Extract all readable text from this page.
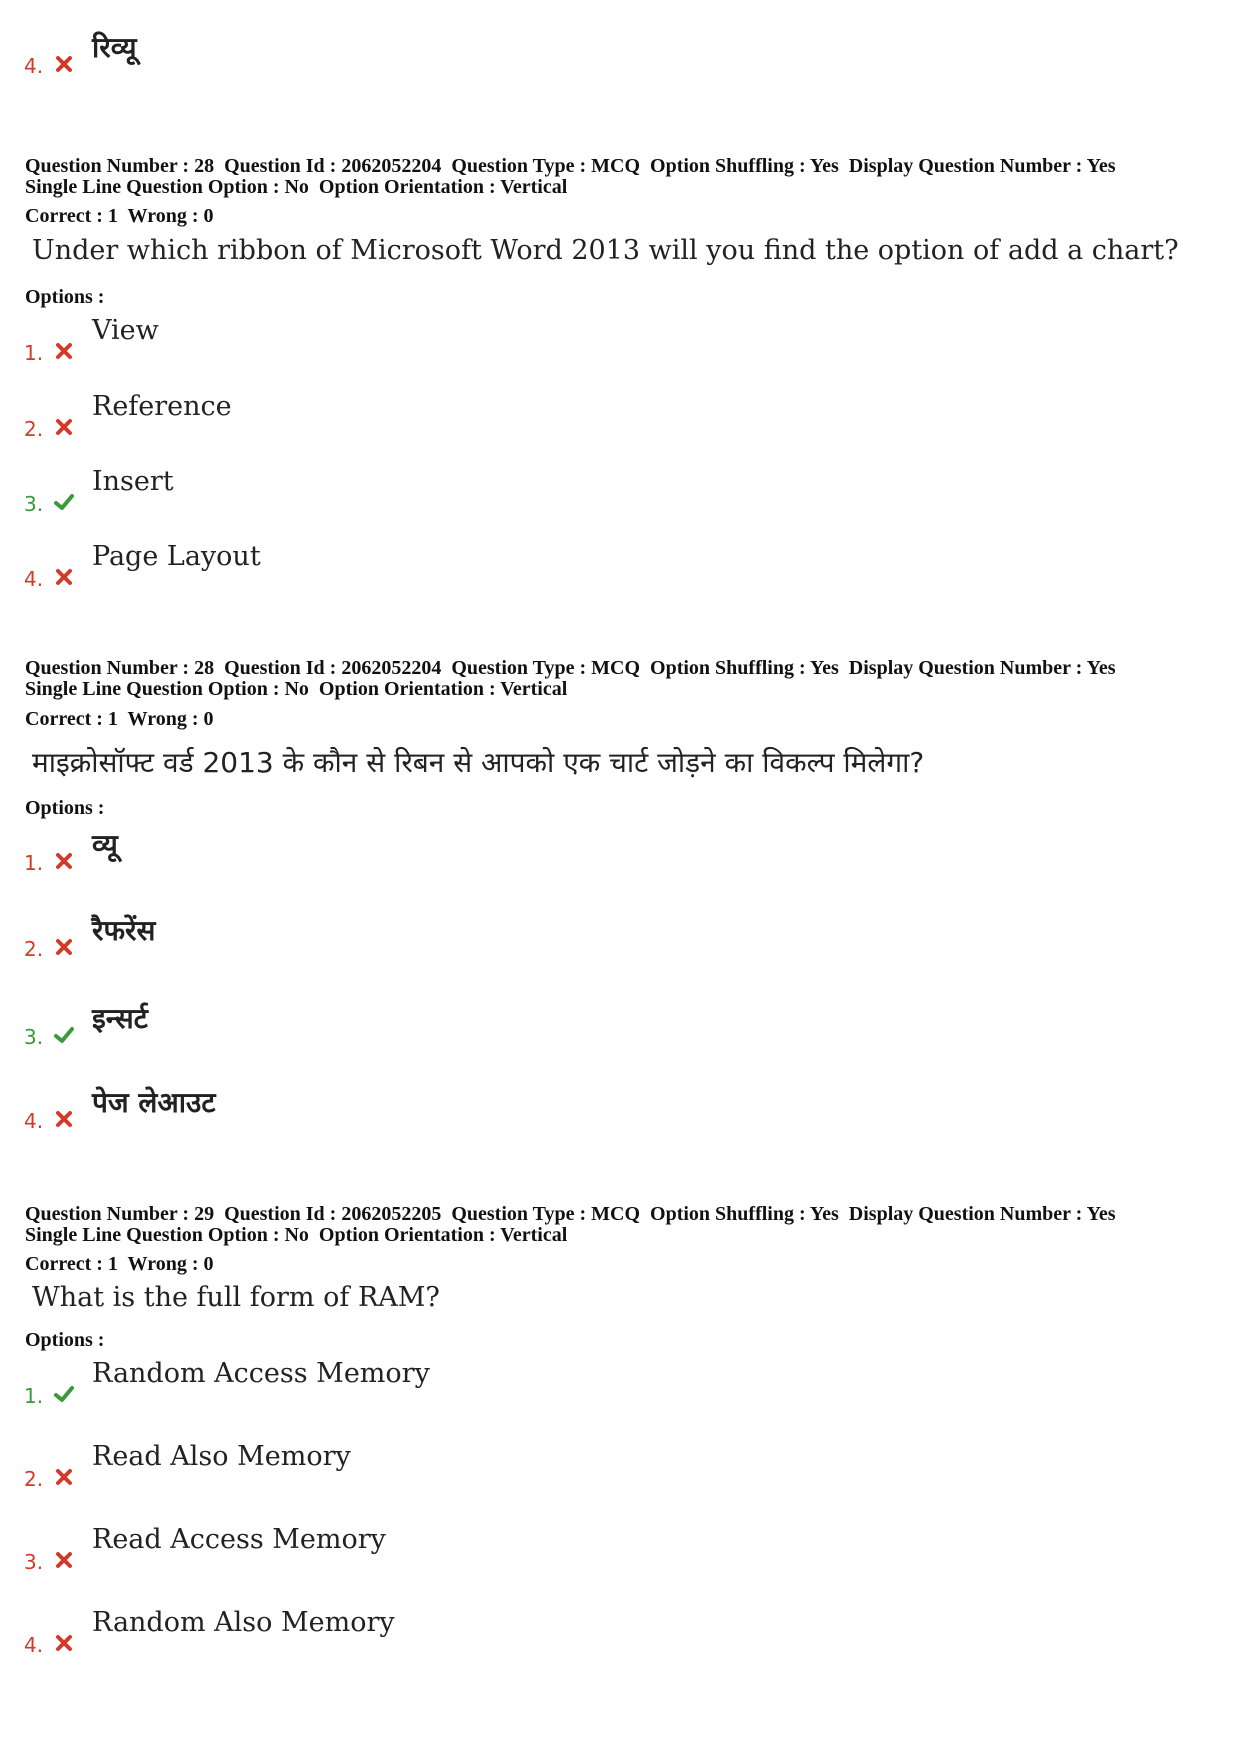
4.
रिव्यू
Question Number : 28  Question Id : 2062052204  Question Type : MCQ  Option Shuffling : Yes  Display Question Number : Yes
Single Line Question Option : No  Option Orientation : Vertical
Correct : 1  Wrong : 0
Under which ribbon of Microsoft Word 2013 will you find the option of add a chart?
Options :
1.
View
2.
Reference
3.
Insert
4.
Page Layout
Question Number : 28  Question Id : 2062052204  Question Type : MCQ  Option Shuffling : Yes  Display Question Number : Yes
Single Line Question Option : No  Option Orientation : Vertical
Correct : 1  Wrong : 0
माइक्रोसॉफ्ट वर्ड 2013 के कौन से रिबन से आपको एक चार्ट जोड़ने का विकल्प मिलेगा?
Options :
1.
व्यू
2.
रैफरेंस
3.
इन्सर्ट
4.
पेज लेआउट
Question Number : 29  Question Id : 2062052205  Question Type : MCQ  Option Shuffling : Yes  Display Question Number : Yes
Single Line Question Option : No  Option Orientation : Vertical
Correct : 1  Wrong : 0
What is the full form of RAM?
Options :
1.
Random Access Memory
2.
Read Also Memory
3.
Read Access Memory
4.
Random Also Memory
